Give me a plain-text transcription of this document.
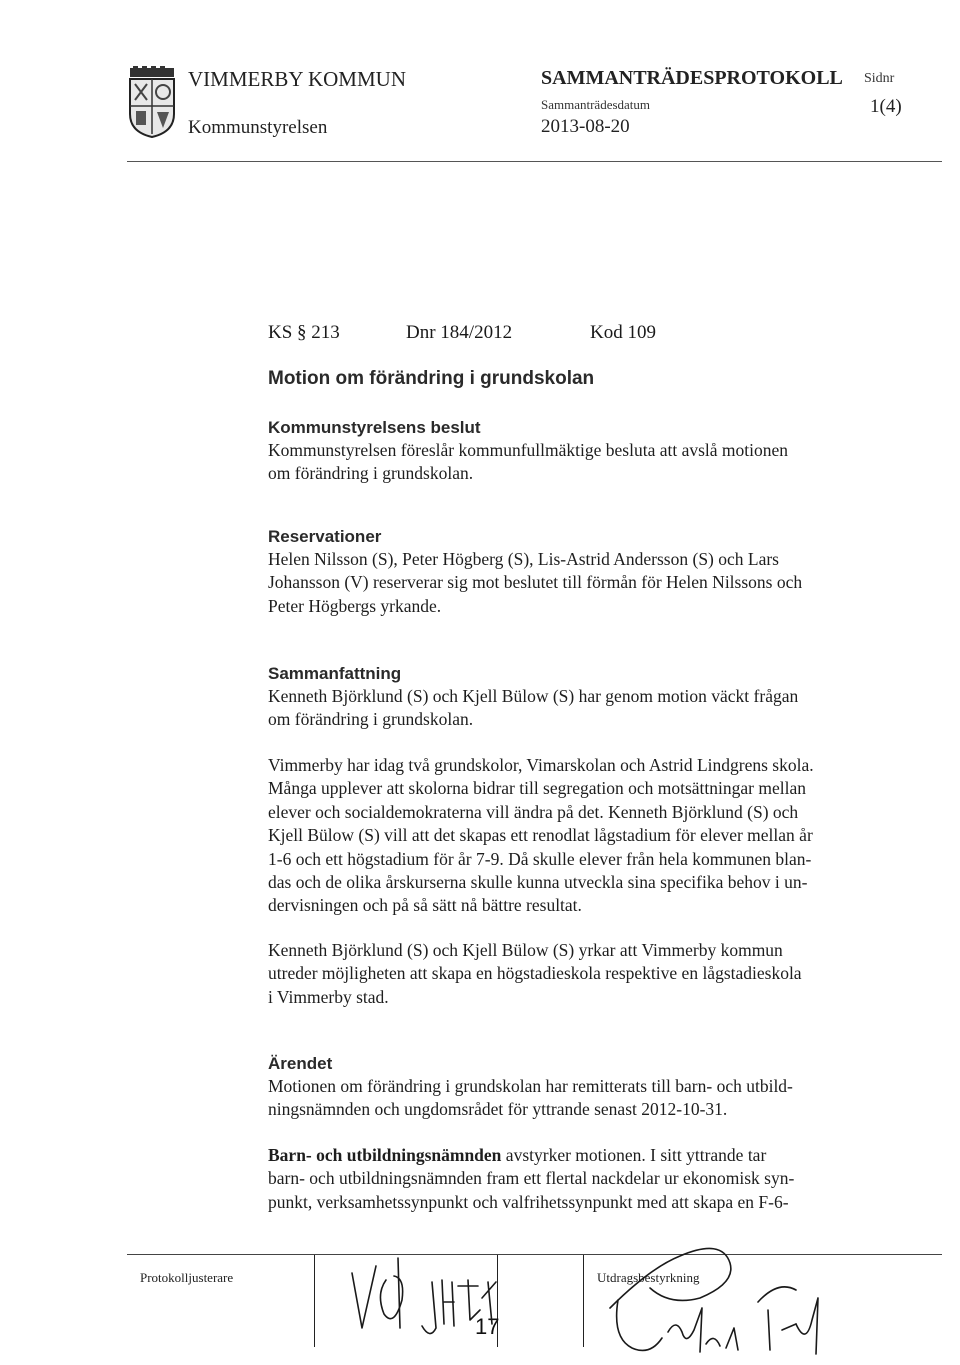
VIMMERBY KOMMUN
Kommunstyrelsen
SAMMANTRÄDESPROTOKOLL
Sammanträdesdatum
2013-08-20
Sidnr
1(4)
KS § 213	Dnr 184/2012	Kod 109
Motion om förändring i grundskolan
Kommunstyrelsens beslut
Kommunstyrelsen föreslår kommunfullmäktige besluta att avslå motionen
om förändring i grundskolan.
Reservationer
Helen Nilsson (S), Peter Högberg (S), Lis-Astrid Andersson (S) och Lars
Johansson (V) reserverar sig mot beslutet till förmån för Helen Nilssons och
Peter Högbergs yrkande.
Sammanfattning
Kenneth Björklund (S) och Kjell Bülow (S) har genom motion väckt frågan
om förändring i grundskolan.
Vimmerby har idag två grundskolor, Vimarskolan och Astrid Lindgrens skola.
Många upplever att skolorna bidrar till segregation och motsättningar mellan
elever och socialdemokraterna vill ändra på det. Kenneth Björklund (S) och
Kjell Bülow (S) vill att det skapas ett renodlat lågstadium för elever mellan år
1-6 och ett högstadium för år 7-9. Då skulle elever från hela kommunen blan-
das och de olika årskurserna skulle kunna utveckla sina specifika behov i un-
dervisningen och på så sätt nå bättre resultat.
Kenneth Björklund (S) och Kjell Bülow (S) yrkar att Vimmerby kommun
utreder möjligheten att skapa en högstadieskola respektive en lågstadieskola
i Vimmerby stad.
Ärendet
Motionen om förändring i grundskolan har remitterats till barn- och utbild-
ningsnämnden och ungdomsrådet för yttrande senast 2012-10-31.
Barn- och utbildningsnämnden avstyrker motionen. I sitt yttrande tar
barn- och utbildningsnämnden fram ett flertal nackdelar ur ekonomisk syn-
punkt, verksamhetssynpunkt och valfrihetssynpunkt med att skapa en F-6-
Protokolljusterare	Utdragsbestyrkning
17
